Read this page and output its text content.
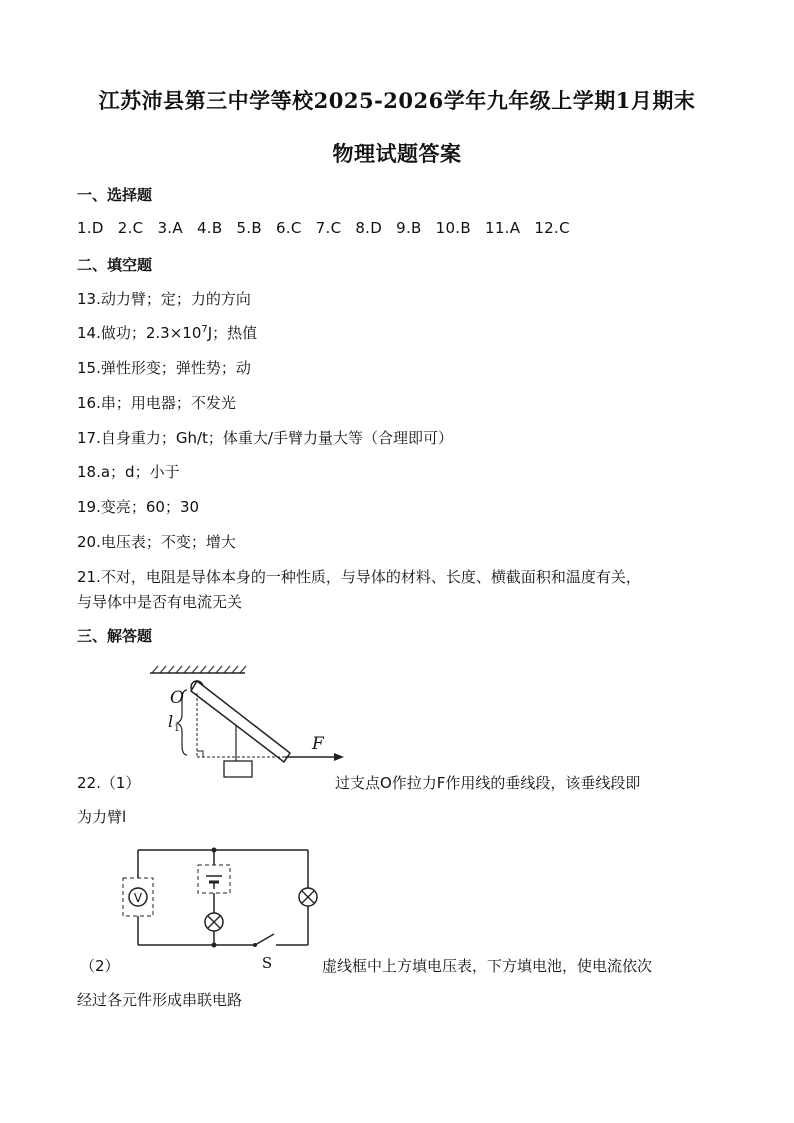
江苏沛县第三中学等校2025-2026学年九年级上学期1月期末
物理试题答案
一、选择题
1.D 2.C 3.A 4.B 5.B 6.C 7.C 8.D 9.B 10.B 11.A 12.C
二、填空题
13.动力臂；定；力的方向
14.做功；$2.3\times 10^7J$；热值
15.弹性形变；弹性势；动
16.串；用电器；不发光
17.自身重力；Gh/t；体重大/手臂力量大等（合理即可）
18.a；d；小于
19.变亮；60；30
20.电压表；不变；增大
21.不对，电阻是导体本身的一种性质，与导体的材料、长度、横截面积和温度有关，
与导体中是否有电流无关
三、解答题
O
l 1
F
22.（1）	过支点O作拉力F作用线的垂线段，该垂线段即
为力臂l
V
S
（2）	虚线框中上方填电压表，下方填电池，使电流依次
经过各元件形成串联电路
